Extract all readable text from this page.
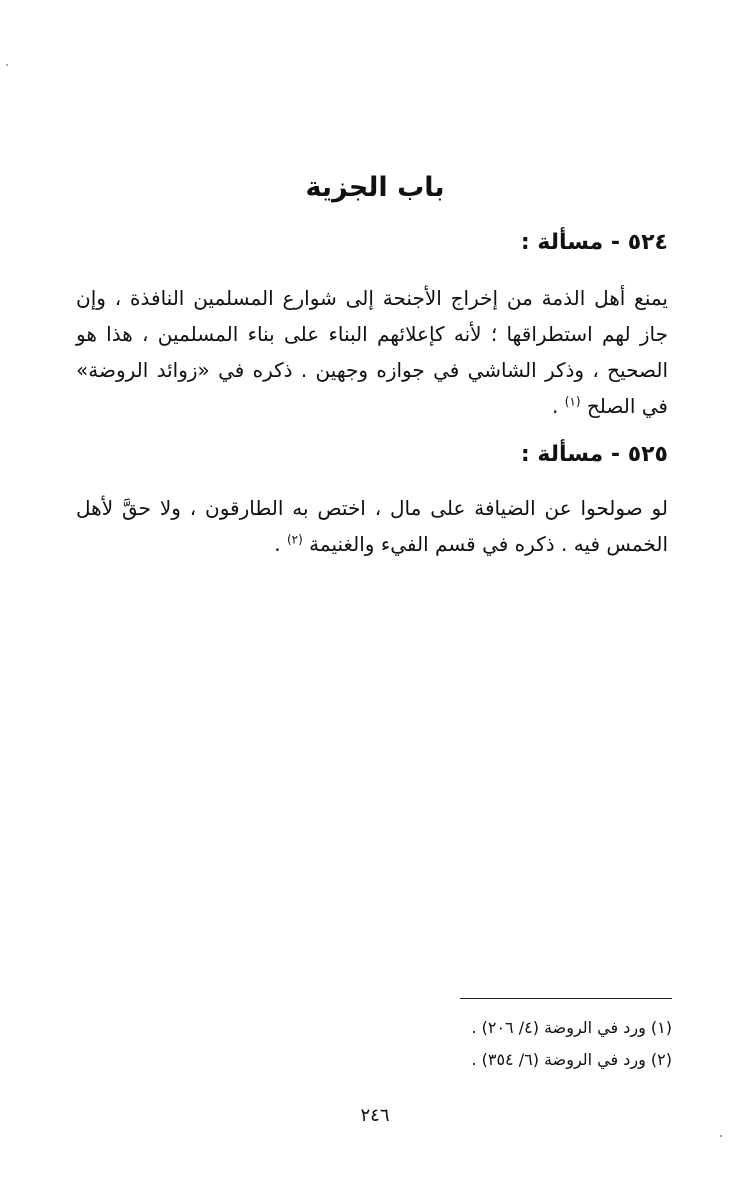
باب الجزية
٥٢٤ - مسألة :
يمنع أهل الذمة من إخراج الأجنحة إلى شوارع المسلمين النافذة ، وإن جاز لهم استطراقها ؛ لأنه كإعلائهم البناء على بناء المسلمين ، هذا هو الصحيح ، وذكر الشاشي في جوازه وجهين . ذكره في «زوائد الروضة» في الصلح $^{(١)}$ .
٥٢٥ - مسألة :
لو صولحوا عن الضيافة على مال ، اختص به الطارقون ، ولا حقَّ لأهل الخمس فيه . ذكره في قسم الفيء والغنيمة $^{(٢)}$ .
(١) ورد في الروضة (٤/ ٢٠٦) .
(٢) ورد في الروضة (٦/ ٣٥٤) .
٢٤٦
